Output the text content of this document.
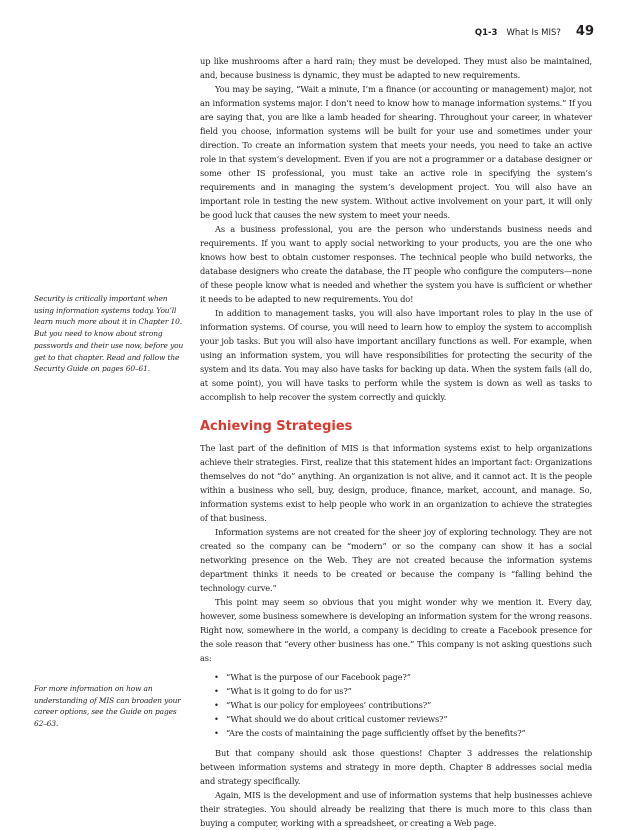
Q1-3 What Is MIS? 49
Security is critically important when using information systems today. You’ll learn much more about it in Chapter 10. But you need to know about strong passwords and their use now, before you get to that chapter. Read and follow the Security Guide on pages 60–61.
For more information on how an understanding of MIS can broaden your career options, see the Guide on pages 62–63.

up like mushrooms after a hard rain; they must be developed. They must also be maintained, and, because business is dynamic, they must be adapted to new requirements.

You may be saying, “Wait a minute, I’m a finance (or accounting or management) major, not an information systems major. I don’t need to know how to manage information systems.” If you are saying that, you are like a lamb headed for shearing. Throughout your career, in whatever field you choose, information systems will be built for your use and sometimes under your direction. To create an information system that meets your needs, you need to take an active role in that system’s development. Even if you are not a programmer or a database designer or some other IS professional, you must take an active role in specifying the system’s requirements and in managing the system’s development project. You will also have an important role in testing the new system. Without active involvement on your part, it will only be good luck that causes the new system to meet your needs.

As a business professional, you are the person who understands business needs and requirements. If you want to apply social networking to your products, you are the one who knows how best to obtain customer responses. The technical people who build networks, the database designers who create the database, the IT people who configure the computers—none of these people know what is needed and whether the system you have is sufficient or whether it needs to be adapted to new requirements. You do!

In addition to management tasks, you will also have important roles to play in the use of information systems. Of course, you will need to learn how to employ the system to accomplish your job tasks. But you will also have important ancillary functions as well. For example, when using an information system, you will have responsibilities for protecting the security of the system and its data. You may also have tasks for backing up data. When the system fails (all do, at some point), you will have tasks to perform while the system is down as well as tasks to accomplish to help recover the system correctly and quickly.

Achieving Strategies

The last part of the definition of MIS is that information systems exist to help organizations achieve their strategies. First, realize that this statement hides an important fact: Organizations themselves do not “do” anything. An organization is not alive, and it cannot act. It is the people within a business who sell, buy, design, produce, finance, market, account, and manage. So, information systems exist to help people who work in an organization to achieve the strategies of that business.

Information systems are not created for the sheer joy of exploring technology. They are not created so the company can be “modern” or so the company can show it has a social networking presence on the Web. They are not created because the information systems department thinks it needs to be created or because the company is “falling behind the technology curve.”

This point may seem so obvious that you might wonder why we mention it. Every day, however, some business somewhere is developing an information system for the wrong reasons. Right now, somewhere in the world, a company is deciding to create a Facebook presence for the sole reason that “every other business has one.” This company is not asking questions such as:

• “What is the purpose of our Facebook page?”
• “What is it going to do for us?”
• “What is our policy for employees’ contributions?”
• “What should we do about critical customer reviews?”
• “Are the costs of maintaining the page sufficiently offset by the benefits?”

But that company should ask those questions! Chapter 3 addresses the relationship between information systems and strategy in more depth. Chapter 8 addresses social media and strategy specifically.

Again, MIS is the development and use of information systems that help businesses achieve their strategies. You should already be realizing that there is much more to this class than buying a computer, working with a spreadsheet, or creating a Web page.
